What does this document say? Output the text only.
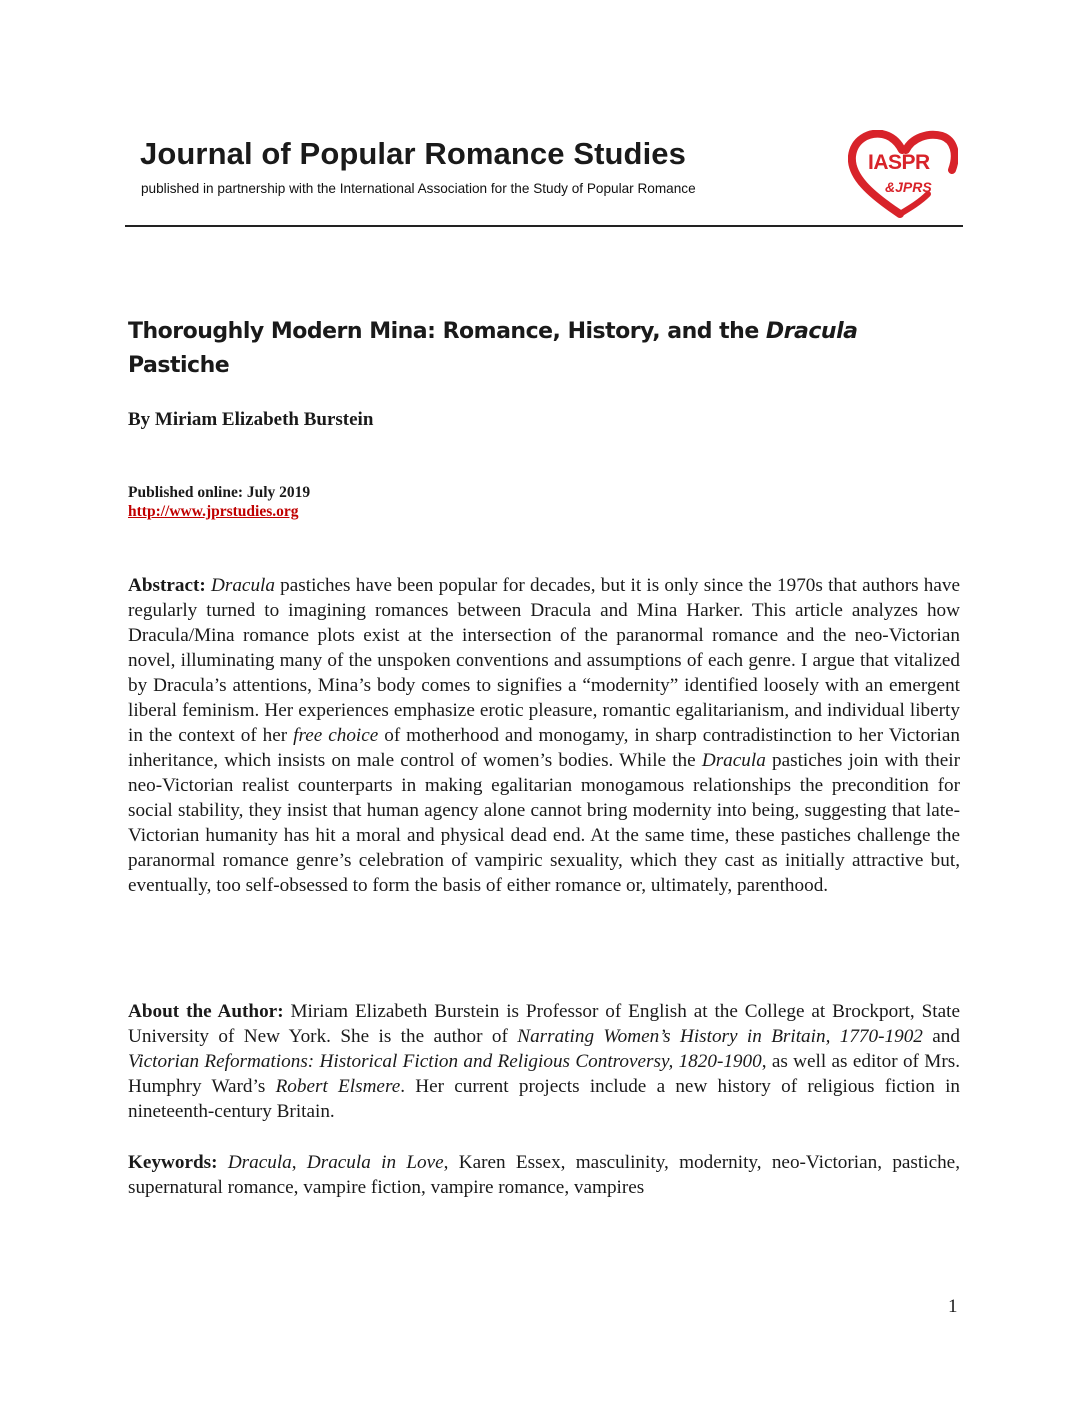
Journal of Popular Romance Studies

published in partnership with the International Association for the Study of Popular Romance

IASPR
&JPRS
Thoroughly Modern Mina: Romance, History, and the Dracula Pastiche

By Miriam Elizabeth Burstein

Published online: July 2019
http://www.jprstudies.org

Abstract: Dracula pastiches have been popular for decades, but it is only since the 1970s that authors have regularly turned to imagining romances between Dracula and Mina Harker. This article analyzes how Dracula/Mina romance plots exist at the intersection of the paranormal romance and the neo-Victorian novel, illuminating many of the unspoken conventions and assumptions of each genre. I argue that vitalized by Dracula’s attentions, Mina’s body comes to signifies a “modernity” identified loosely with an emergent liberal feminism. Her experiences emphasize erotic pleasure, romantic egalitarianism, and individual liberty in the context of her free choice of motherhood and monogamy, in sharp contradistinction to her Victorian inheritance, which insists on male control of women’s bodies. While the Dracula pastiches join with their neo-Victorian realist counterparts in making egalitarian monogamous relationships the precondition for social stability, they insist that human agency alone cannot bring modernity into being, suggesting that late-Victorian humanity has hit a moral and physical dead end. At the same time, these pastiches challenge the paranormal romance genre’s celebration of vampiric sexuality, which they cast as initially attractive but, eventually, too self-obsessed to form the basis of either romance or, ultimately, parenthood.

About the Author: Miriam Elizabeth Burstein is Professor of English at the College at Brockport, State University of New York. She is the author of Narrating Women’s History in Britain, 1770-1902 and Victorian Reformations: Historical Fiction and Religious Controversy, 1820-1900, as well as editor of Mrs. Humphry Ward’s Robert Elsmere. Her current projects include a new history of religious fiction in nineteenth-century Britain.

Keywords: Dracula, Dracula in Love, Karen Essex, masculinity, modernity, neo-Victorian, pastiche, supernatural romance, vampire fiction, vampire romance, vampires

1
